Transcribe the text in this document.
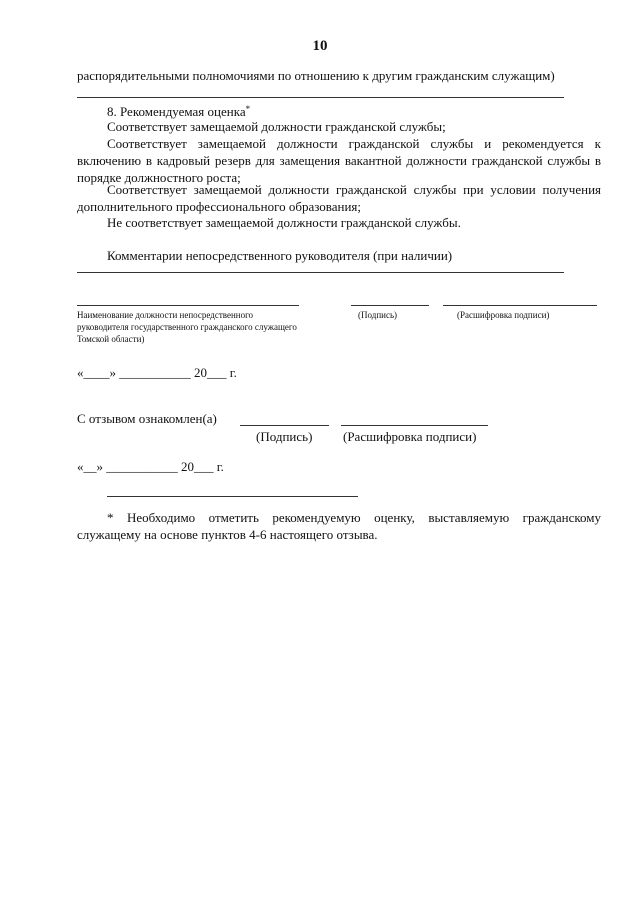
10
распорядительными полномочиями по отношению к другим гражданским служащим)
8. Рекомендуемая оценка*
Соответствует замещаемой должности гражданской службы;
Соответствует замещаемой должности гражданской службы и рекомендуется к включению в кадровый резерв для замещения вакантной должности гражданской службы в порядке должностного роста;
Соответствует замещаемой должности гражданской службы при условии получения дополнительного профессионального образования;
Не соответствует замещаемой должности гражданской службы.
Комментарии непосредственного руководителя (при наличии)
Наименование должности непосредственного руководителя государственного гражданского служащего Томской области)
(Подпись)	(Расшифровка подписи)
«____» ___________ 20___ г.
С отзывом ознакомлен(а)
(Подпись) (Расшифровка подписи)
«__» ___________ 20___ г.
* Необходимо отметить рекомендуемую оценку, выставляемую гражданскому служащему на основе пунктов 4-6 настоящего отзыва.
